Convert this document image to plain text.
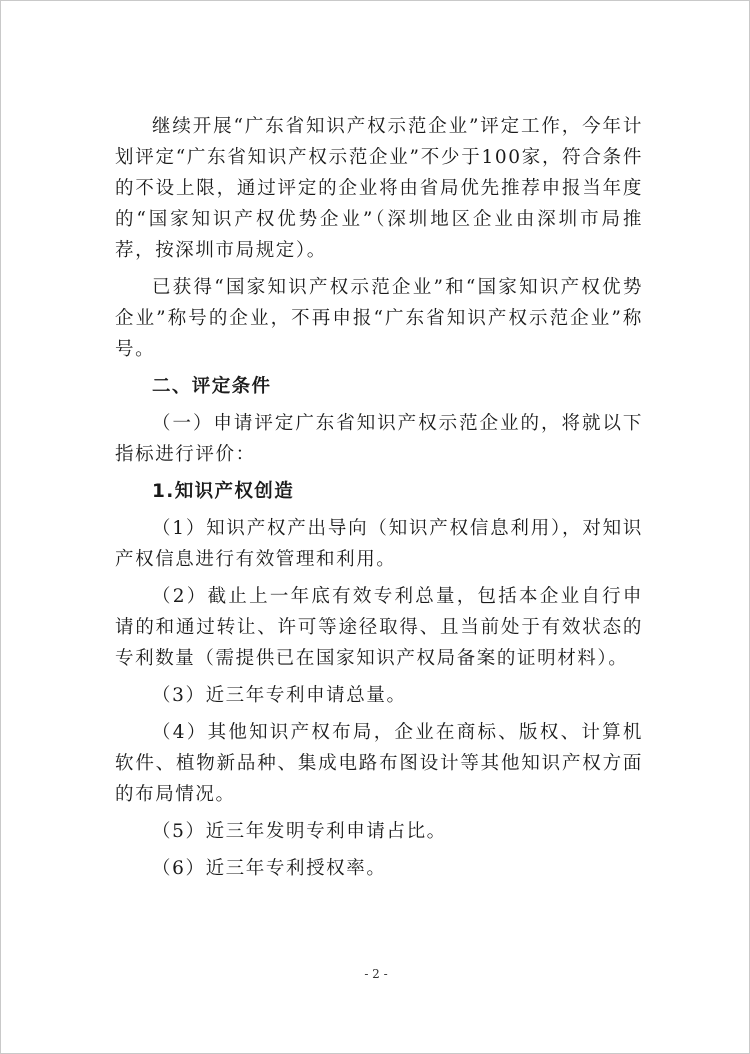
继续开展“广东省知识产权示范企业”评定工作，今年计划评定“广东省知识产权示范企业”不少于100家，符合条件的不设上限，通过评定的企业将由省局优先推荐申报当年度的“国家知识产权优势企业”（深圳地区企业由深圳市局推荐，按深圳市局规定）。

已获得“国家知识产权示范企业”和“国家知识产权优势企业”称号的企业，不再申报“广东省知识产权示范企业”称号。

二、评定条件

（一）申请评定广东省知识产权示范企业的，将就以下指标进行评价：

1.知识产权创造

（1）知识产权产出导向（知识产权信息利用），对知识产权信息进行有效管理和利用。

（2）截止上一年底有效专利总量，包括本企业自行申请的和通过转让、许可等途径取得、且当前处于有效状态的专利数量（需提供已在国家知识产权局备案的证明材料）。

（3）近三年专利申请总量。

（4）其他知识产权布局，企业在商标、版权、计算机软件、植物新品种、集成电路布图设计等其他知识产权方面的布局情况。

（5）近三年发明专利申请占比。

（6）近三年专利授权率。

- 2 -
